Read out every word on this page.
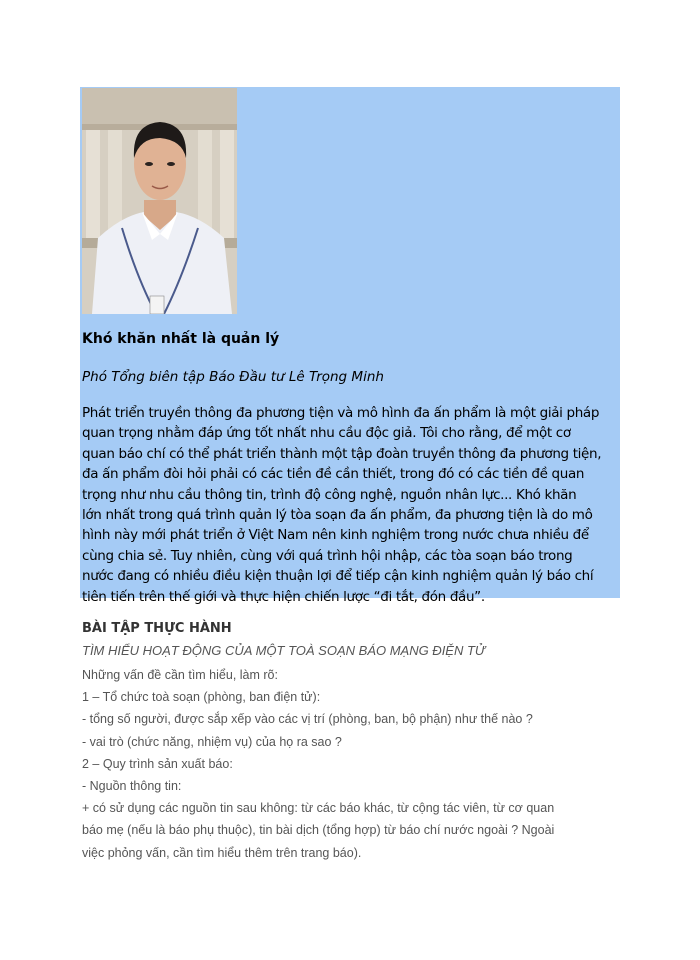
Khó khăn nhất là quản lý

Phó Tổng biên tập Báo Đầu tư Lê Trọng Minh

Phát triển truyền thông đa phương tiện và mô hình đa ấn phẩm là một giải pháp
quan trọng nhằm đáp ứng tốt nhất nhu cầu độc giả. Tôi cho rằng, để một cơ
quan báo chí có thể phát triển thành một tập đoàn truyền thông đa phương tiện,
đa ấn phẩm đòi hỏi phải có các tiền đề cần thiết, trong đó có các tiền đề quan
trọng như nhu cầu thông tin, trình độ công nghệ, nguồn nhân lực... Khó khăn
lớn nhất trong quá trình quản lý tòa soạn đa ấn phẩm, đa phương tiện là do mô
hình này mới phát triển ở Việt Nam nên kinh nghiệm trong nước chưa nhiều để
cùng chia sẻ. Tuy nhiên, cùng với quá trình hội nhập, các tòa soạn báo trong
nước đang có nhiều điều kiện thuận lợi để tiếp cận kinh nghiệm quản lý báo chí
tiên tiến trên thế giới và thực hiện chiến lược “đi tắt, đón đầu”.

BÀI TẬP THỰC HÀNH

TÌM HIỂU HOẠT ĐỘNG CỦA MỘT TOÀ SOẠN BÁO MẠNG ĐIỆN TỬ

Những vấn đề cần tìm hiểu, làm rõ:
1 – Tổ chức toà soạn (phòng, ban điện tử):
- tổng số người, được sắp xếp vào các vị trí (phòng, ban, bộ phận) như thế nào ?
- vai trò (chức năng, nhiệm vụ) của họ ra sao ?
2 – Quy trình sản xuất báo:
- Nguồn thông tin:
+ có sử dụng các nguồn tin sau không: từ các báo khác, từ cộng tác viên, từ cơ quan
báo mẹ (nếu là báo phụ thuộc), tin bài dịch (tổng hợp) từ báo chí nước ngoài ? Ngoài
việc phỏng vấn, cần tìm hiểu thêm trên trang báo).
